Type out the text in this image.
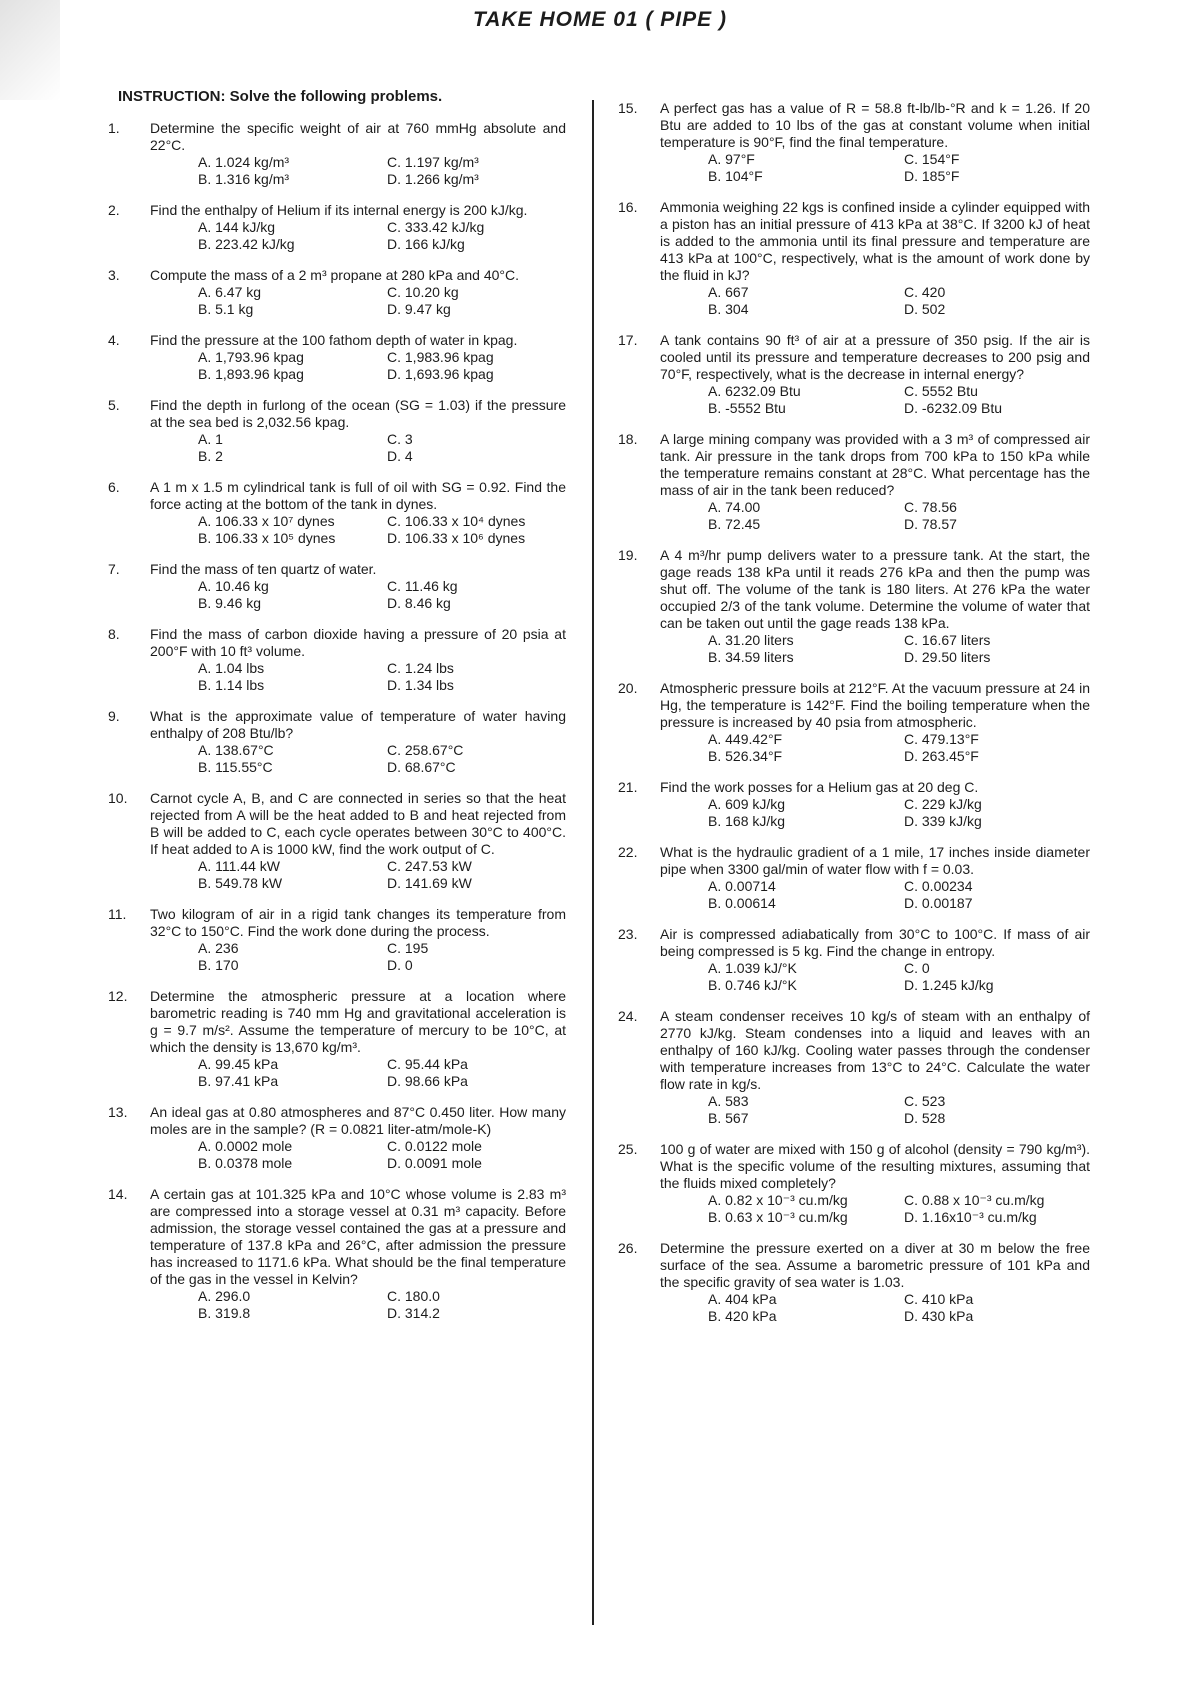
TAKE HOME 01 ( PIPE )
INSTRUCTION: Solve the following problems.
1. Determine the specific weight of air at 760 mmHg absolute and 22°C.
A. 1.024 kg/m³	C. 1.197 kg/m³
B. 1.316 kg/m³	D. 1.266 kg/m³
2. Find the enthalpy of Helium if its internal energy is 200 kJ/kg.
A. 144 kJ/kg	C. 333.42 kJ/kg
B. 223.42 kJ/kg	D. 166 kJ/kg
3. Compute the mass of a 2 m³ propane at 280 kPa and 40°C.
A. 6.47 kg	C. 10.20 kg
B. 5.1 kg	D. 9.47 kg
4. Find the pressure at the 100 fathom depth of water in kpag.
A. 1,793.96 kpag	C. 1,983.96 kpag
B. 1,893.96 kpag	D. 1,693.96 kpag
5. Find the depth in furlong of the ocean (SG = 1.03) if the pressure at the sea bed is 2,032.56 kpag.
A. 1	C. 3
B. 2	D. 4
6. A 1 m x 1.5 m cylindrical tank is full of oil with SG = 0.92. Find the force acting at the bottom of the tank in dynes.
A. 106.33 x 10⁷ dynes	C. 106.33 x 10⁴ dynes
B. 106.33 x 10⁵ dynes	D. 106.33 x 10⁶ dynes
7. Find the mass of ten quartz of water.
A. 10.46 kg	C. 11.46 kg
B. 9.46 kg	D. 8.46 kg
8. Find the mass of carbon dioxide having a pressure of 20 psia at 200°F with 10 ft³ volume.
A. 1.04 lbs	C. 1.24 lbs
B. 1.14 lbs	D. 1.34 lbs
9. What is the approximate value of temperature of water having enthalpy of 208 Btu/lb?
A. 138.67°C	C. 258.67°C
B. 115.55°C	D. 68.67°C
10. Carnot cycle A, B, and C are connected in series so that the heat rejected from A will be the heat added to B and heat rejected from B will be added to C, each cycle operates between 30°C to 400°C. If heat added to A is 1000 kW, find the work output of C.
A. 111.44 kW	C. 247.53 kW
B. 549.78 kW	D. 141.69 kW
11. Two kilogram of air in a rigid tank changes its temperature from 32°C to 150°C. Find the work done during the process.
A. 236	C. 195
B. 170	D. 0
12. Determine the atmospheric pressure at a location where barometric reading is 740 mm Hg and gravitational acceleration is g = 9.7 m/s². Assume the temperature of mercury to be 10°C, at which the density is 13,670 kg/m³.
A. 99.45 kPa	C. 95.44 kPa
B. 97.41 kPa	D. 98.66 kPa
13. An ideal gas at 0.80 atmospheres and 87°C 0.450 liter. How many moles are in the sample? (R = 0.0821 liter-atm/mole-K)
A. 0.0002 mole	C. 0.0122 mole
B. 0.0378 mole	D. 0.0091 mole
14. A certain gas at 101.325 kPa and 10°C whose volume is 2.83 m³ are compressed into a storage vessel at 0.31 m³ capacity. Before admission, the storage vessel contained the gas at a pressure and temperature of 137.8 kPa and 26°C, after admission the pressure has increased to 1171.6 kPa. What should be the final temperature of the gas in the vessel in Kelvin?
A. 296.0	C. 180.0
B. 319.8	D. 314.2
15. A perfect gas has a value of R = 58.8 ft-lb/lb-°R and k = 1.26. If 20 Btu are added to 10 lbs of the gas at constant volume when initial temperature is 90°F, find the final temperature.
A. 97°F	C. 154°F
B. 104°F	D. 185°F
16. Ammonia weighing 22 kgs is confined inside a cylinder equipped with a piston has an initial pressure of 413 kPa at 38°C. If 3200 kJ of heat is added to the ammonia until its final pressure and temperature are 413 kPa at 100°C, respectively, what is the amount of work done by the fluid in kJ?
A. 667	C. 420
B. 304	D. 502
17. A tank contains 90 ft³ of air at a pressure of 350 psig. If the air is cooled until its pressure and temperature decreases to 200 psig and 70°F, respectively, what is the decrease in internal energy?
A. 6232.09 Btu	C. 5552 Btu
B. -5552 Btu	D. -6232.09 Btu
18. A large mining company was provided with a 3 m³ of compressed air tank. Air pressure in the tank drops from 700 kPa to 150 kPa while the temperature remains constant at 28°C. What percentage has the mass of air in the tank been reduced?
A. 74.00	C. 78.56
B. 72.45	D. 78.57
19. A 4 m³/hr pump delivers water to a pressure tank. At the start, the gage reads 138 kPa until it reads 276 kPa and then the pump was shut off. The volume of the tank is 180 liters. At 276 kPa the water occupied 2/3 of the tank volume. Determine the volume of water that can be taken out until the gage reads 138 kPa.
A. 31.20 liters	C. 16.67 liters
B. 34.59 liters	D. 29.50 liters
20. Atmospheric pressure boils at 212°F. At the vacuum pressure at 24 in Hg, the temperature is 142°F. Find the boiling temperature when the pressure is increased by 40 psia from atmospheric.
A. 449.42°F	C. 479.13°F
B. 526.34°F	D. 263.45°F
21. Find the work posses for a Helium gas at 20 deg C.
A. 609 kJ/kg	C. 229 kJ/kg
B. 168 kJ/kg	D. 339 kJ/kg
22. What is the hydraulic gradient of a 1 mile, 17 inches inside diameter pipe when 3300 gal/min of water flow with f = 0.03.
A. 0.00714	C. 0.00234
B. 0.00614	D. 0.00187
23. Air is compressed adiabatically from 30°C to 100°C. If mass of air being compressed is 5 kg. Find the change in entropy.
A. 1.039 kJ/°K	C. 0
B. 0.746 kJ/°K	D. 1.245 kJ/kg
24. A steam condenser receives 10 kg/s of steam with an enthalpy of 2770 kJ/kg. Steam condenses into a liquid and leaves with an enthalpy of 160 kJ/kg. Cooling water passes through the condenser with temperature increases from 13°C to 24°C. Calculate the water flow rate in kg/s.
A. 583	C. 523
B. 567	D. 528
25. 100 g of water are mixed with 150 g of alcohol (density = 790 kg/m³). What is the specific volume of the resulting mixtures, assuming that the fluids mixed completely?
A. 0.82 x 10⁻³ cu.m/kg	C. 0.88 x 10⁻³ cu.m/kg
B. 0.63 x 10⁻³ cu.m/kg	D. 1.16x10⁻³ cu.m/kg
26. Determine the pressure exerted on a diver at 30 m below the free surface of the sea. Assume a barometric pressure of 101 kPa and the specific gravity of sea water is 1.03.
A. 404 kPa	C. 410 kPa
B. 420 kPa	D. 430 kPa
